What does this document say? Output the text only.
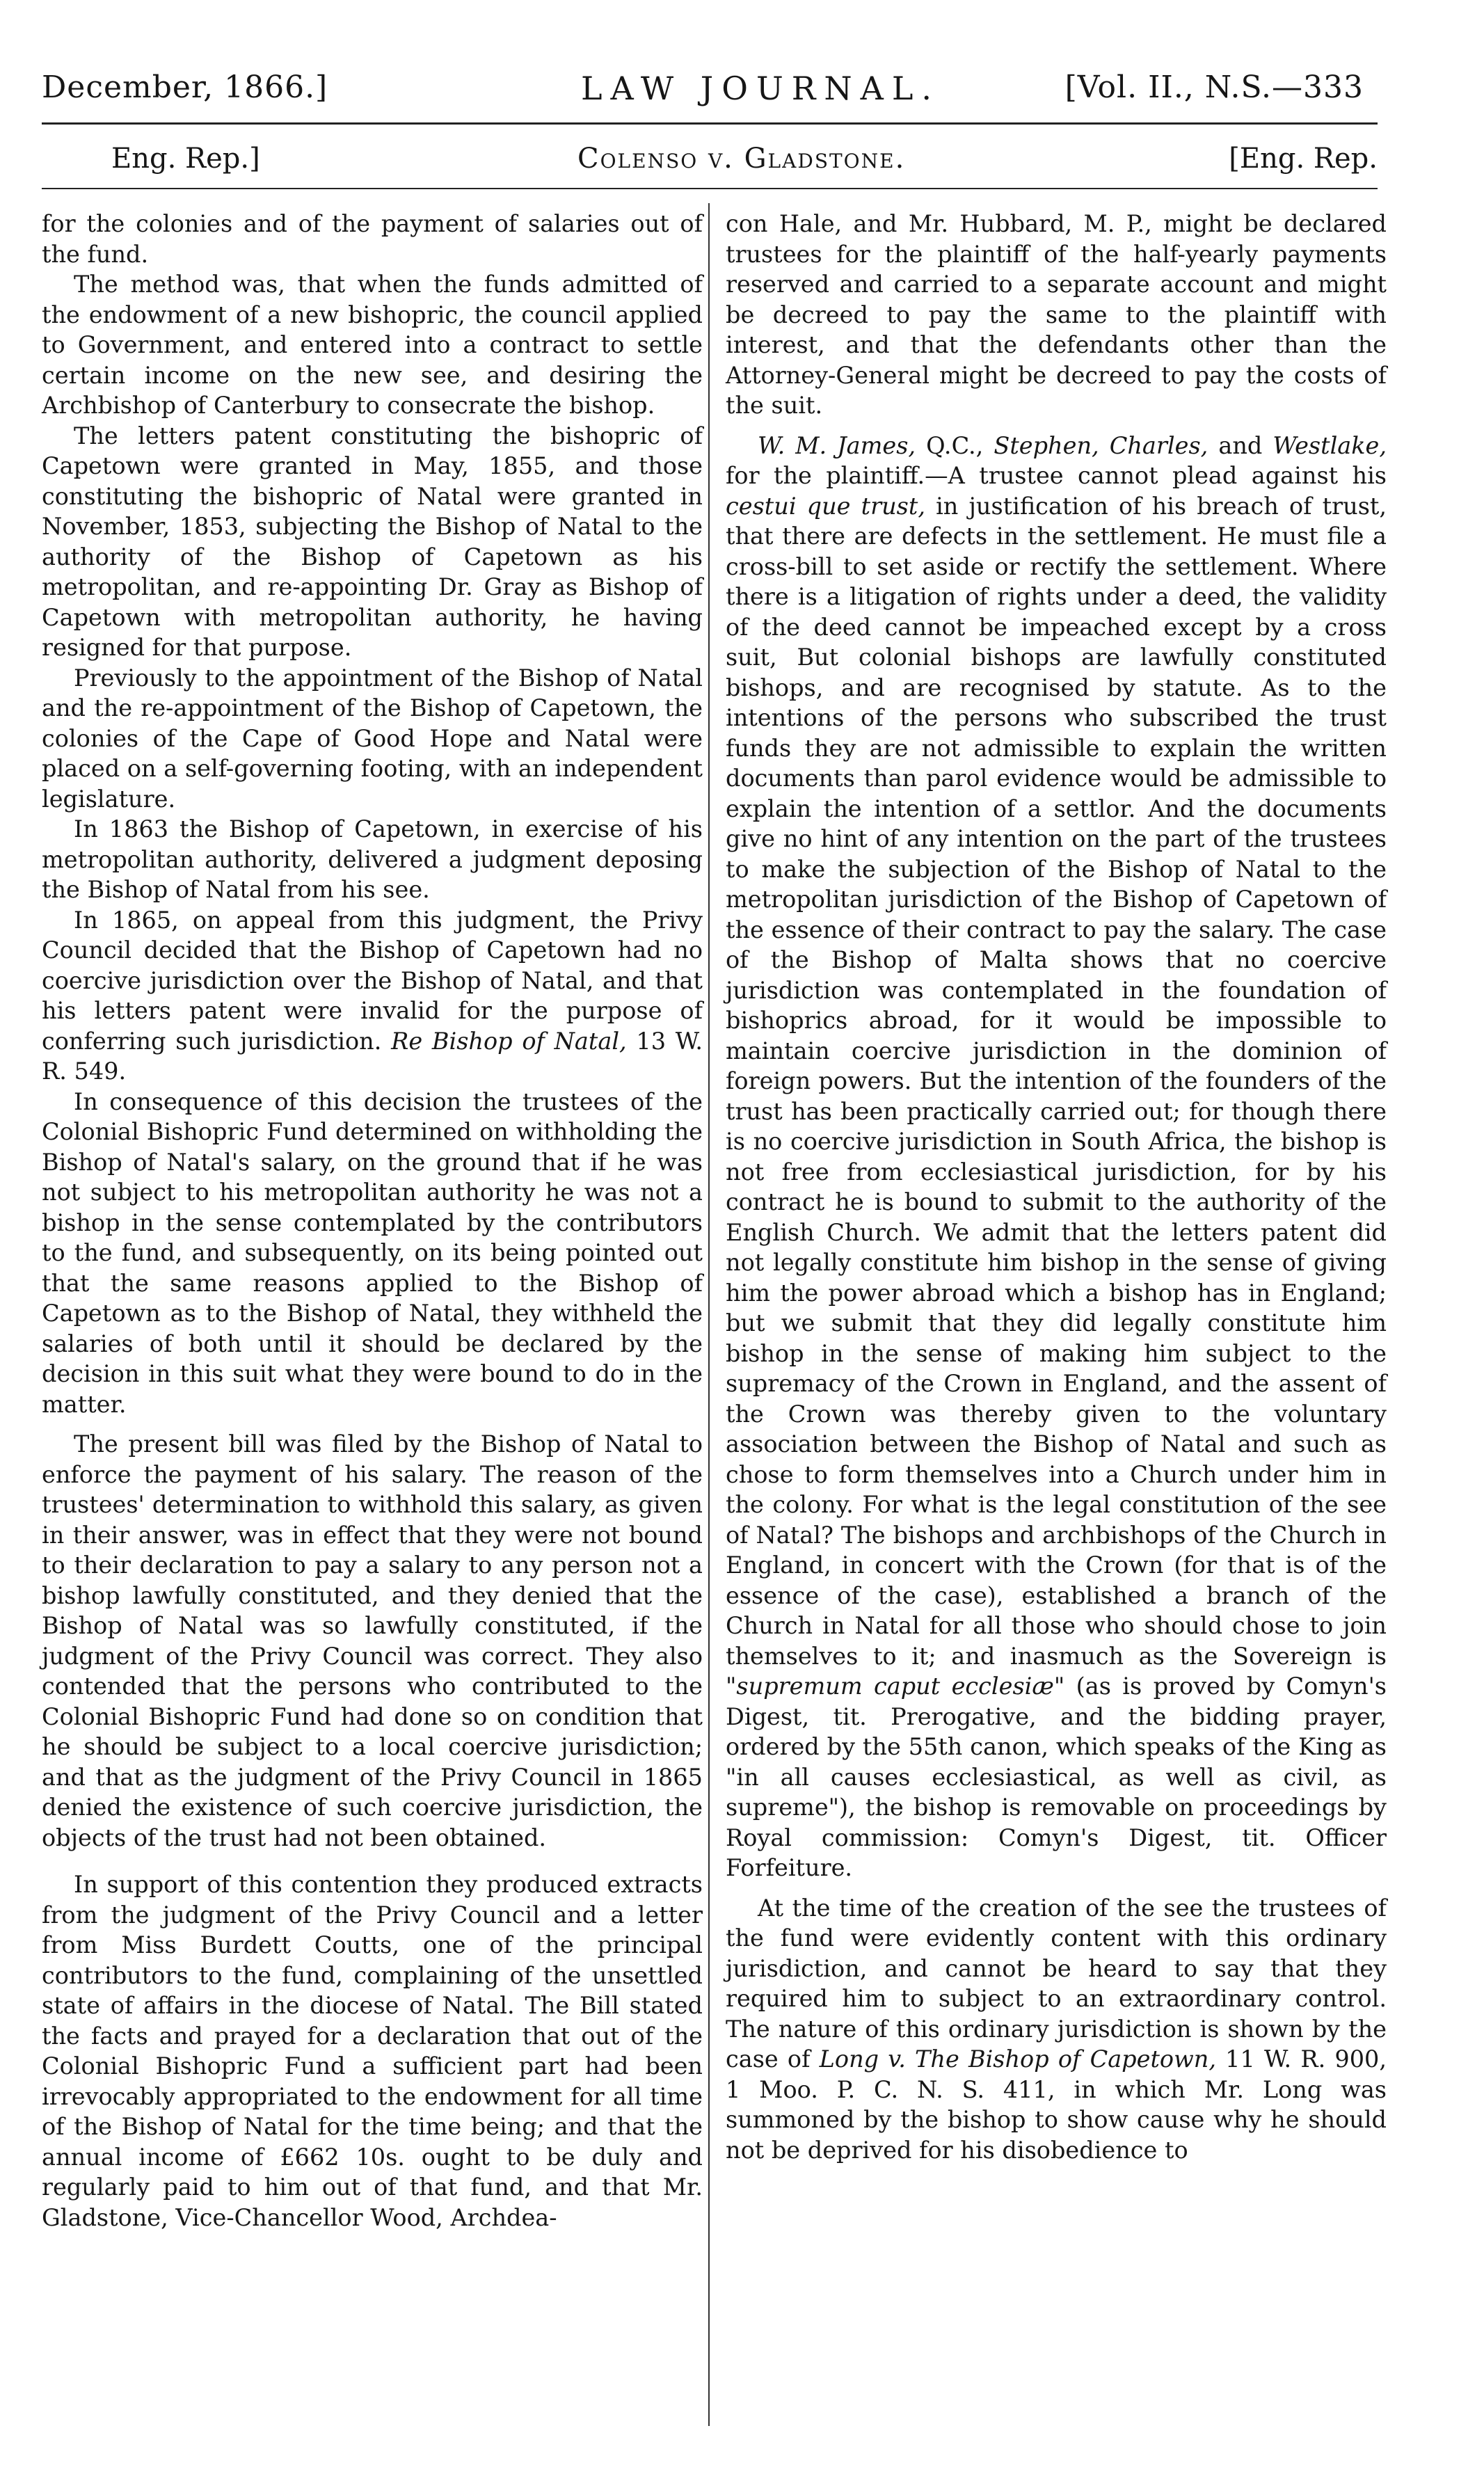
December, 1866.]	LAW JOURNAL.	[Vol. II., N.S.—333
Eng. Rep.]	Colenso v. Gladstone.	[Eng. Rep.

for the colonies and of the payment of salaries out of the fund.

The method was, that when the funds admitted of the endowment of a new bishopric, the council applied to Government, and entered into a contract to settle certain income on the new see, and desiring the Archbishop of Canterbury to consecrate the bishop.

The letters patent constituting the bishopric of Capetown were granted in May, 1855, and those constituting the bishopric of Natal were granted in November, 1853, subjecting the Bishop of Natal to the authority of the Bishop of Capetown as his metropolitan, and re-appointing Dr. Gray as Bishop of Capetown with metropolitan authority, he having resigned for that purpose.

Previously to the appointment of the Bishop of Natal and the re-appointment of the Bishop of Capetown, the colonies of the Cape of Good Hope and Natal were placed on a self-governing footing, with an independent legislature.

In 1863 the Bishop of Capetown, in exercise of his metropolitan authority, delivered a judgment deposing the Bishop of Natal from his see.

In 1865, on appeal from this judgment, the Privy Council decided that the Bishop of Capetown had no coercive jurisdiction over the Bishop of Natal, and that his letters patent were invalid for the purpose of conferring such jurisdiction. Re Bishop of Natal, 13 W. R. 549.

In consequence of this decision the trustees of the Colonial Bishopric Fund determined on withholding the Bishop of Natal's salary, on the ground that if he was not subject to his metropolitan authority he was not a bishop in the sense contemplated by the contributors to the fund, and subsequently, on its being pointed out that the same reasons applied to the Bishop of Capetown as to the Bishop of Natal, they withheld the salaries of both until it should be declared by the decision in this suit what they were bound to do in the matter.

The present bill was filed by the Bishop of Natal to enforce the payment of his salary. The reason of the trustees' determination to withhold this salary, as given in their answer, was in effect that they were not bound to their declaration to pay a salary to any person not a bishop lawfully constituted, and they denied that the Bishop of Natal was so lawfully constituted, if the judgment of the Privy Council was correct. They also contended that the persons who contributed to the Colonial Bishopric Fund had done so on condition that he should be subject to a local coercive jurisdiction; and that as the judgment of the Privy Council in 1865 denied the existence of such coercive jurisdiction, the objects of the trust had not been obtained.

In support of this contention they produced extracts from the judgment of the Privy Council and a letter from Miss Burdett Coutts, one of the principal contributors to the fund, complaining of the unsettled state of affairs in the diocese of Natal. The Bill stated the facts and prayed for a declaration that out of the Colonial Bishopric Fund a sufficient part had been irrevocably appropriated to the endowment for all time of the Bishop of Natal for the time being; and that the annual income of £662 10s. ought to be duly and regularly paid to him out of that fund, and that Mr. Gladstone, Vice-Chancellor Wood, Archdea-

con Hale, and Mr. Hubbard, M. P., might be declared trustees for the plaintiff of the half-yearly payments reserved and carried to a separate account and might be decreed to pay the same to the plaintiff with interest, and that the defendants other than the Attorney-General might be decreed to pay the costs of the suit.

W. M. James, Q.C., Stephen, Charles, and Westlake, for the plaintiff.—A trustee cannot plead against his cestui que trust, in justification of his breach of trust, that there are defects in the settlement. He must file a cross-bill to set aside or rectify the settlement. Where there is a litigation of rights under a deed, the validity of the deed cannot be impeached except by a cross suit, But colonial bishops are lawfully constituted bishops, and are recognised by statute. As to the intentions of the persons who subscribed the trust funds they are not admissible to explain the written documents than parol evidence would be admissible to explain the intention of a settlor. And the documents give no hint of any intention on the part of the trustees to make the subjection of the Bishop of Natal to the metropolitan jurisdiction of the Bishop of Capetown of the essence of their contract to pay the salary. The case of the Bishop of Malta shows that no coercive jurisdiction was contemplated in the foundation of bishoprics abroad, for it would be impossible to maintain coercive jurisdiction in the dominion of foreign powers. But the intention of the founders of the trust has been practically carried out; for though there is no coercive jurisdiction in South Africa, the bishop is not free from ecclesiastical jurisdiction, for by his contract he is bound to submit to the authority of the English Church. We admit that the letters patent did not legally constitute him bishop in the sense of giving him the power abroad which a bishop has in England; but we submit that they did legally constitute him bishop in the sense of making him subject to the supremacy of the Crown in England, and the assent of the Crown was thereby given to the voluntary association between the Bishop of Natal and such as chose to form themselves into a Church under him in the colony. For what is the legal constitution of the see of Natal? The bishops and archbishops of the Church in England, in concert with the Crown (for that is of the essence of the case), established a branch of the Church in Natal for all those who should chose to join themselves to it; and inasmuch as the Sovereign is "supremum caput ecclesiæ" (as is proved by Comyn's Digest, tit. Prerogative, and the bidding prayer, ordered by the 55th canon, which speaks of the King as "in all causes ecclesiastical, as well as civil, as supreme"), the bishop is removable on proceedings by Royal commission: Comyn's Digest, tit. Officer Forfeiture.

At the time of the creation of the see the trustees of the fund were evidently content with this ordinary jurisdiction, and cannot be heard to say that they required him to subject to an extraordinary control. The nature of this ordinary jurisdiction is shown by the case of Long v. The Bishop of Capetown, 11 W. R. 900, 1 Moo. P. C. N. S. 411, in which Mr. Long was summoned by the bishop to show cause why he should not be deprived for his disobedience to
